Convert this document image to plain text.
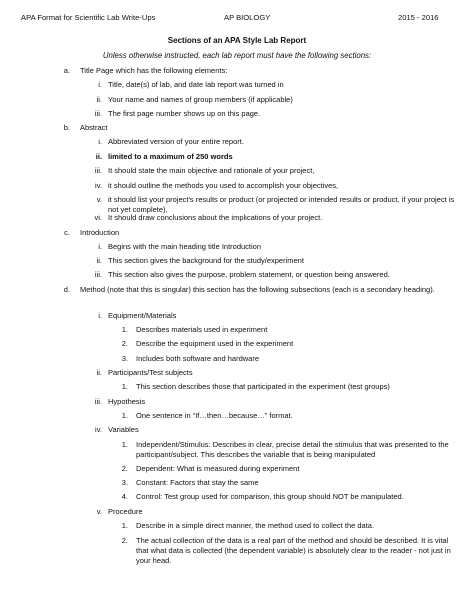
APA Format for Scientific Lab Write-Ups	AP BIOLOGY	2015 - 2016
Sections of an APA Style Lab Report
Unless otherwise instructed, each lab report must have the following sections:
a. Title Page which has the following elements:
i. Title, date(s) of lab, and date lab report was turned in
ii. Your name and names of group members (if applicable)
iii. The first page number shows up on this page.
b. Abstract
i. Abbreviated version of your entire report.
ii. limited to a maximum of 250 words
iii. It should state the main objective and rationale of your project,
iv. it should outline the methods you used to accomplish your objectives,
v. it should list your project's results or product (or projected or intended results or product, if your project is not yet complete),
vi. It should draw conclusions about the implications of your project.
c. Introduction
i. Begins with the main heading title Introduction
ii. This section gives the background for the study/experiment
iii. This section also gives the purpose, problem statement, or question being answered.
d. Method (note that this is singular) this section has the following subsections (each is a secondary heading).
i. Equipment/Materials
1. Describes materials used in experiment
2. Describe the equipment used in the experiment
3. Includes both software and hardware
ii. Participants/Test subjects
1. This section describes those that participated in the experiment (test groups)
iii. Hypothesis
1. One sentence in “If…then…because…” format.
iv. Variables
1. Independent/Stimulus: Describes in clear, precise detail the stimulus that was presented to the participant/subject. This describes the variable that is being manipulated
2. Dependent: What is measured during experiment
3. Constant: Factors that stay the same
4. Control: Test group used for comparison, this group should NOT be manipulated.
v. Procedure
1. Describe in a simple direct manner, the method used to collect the data.
2. The actual collection of the data is a real part of the method and should be described. It is vital that what data is collected (the dependent variable) is absolutely clear to the reader - not just in your head.
